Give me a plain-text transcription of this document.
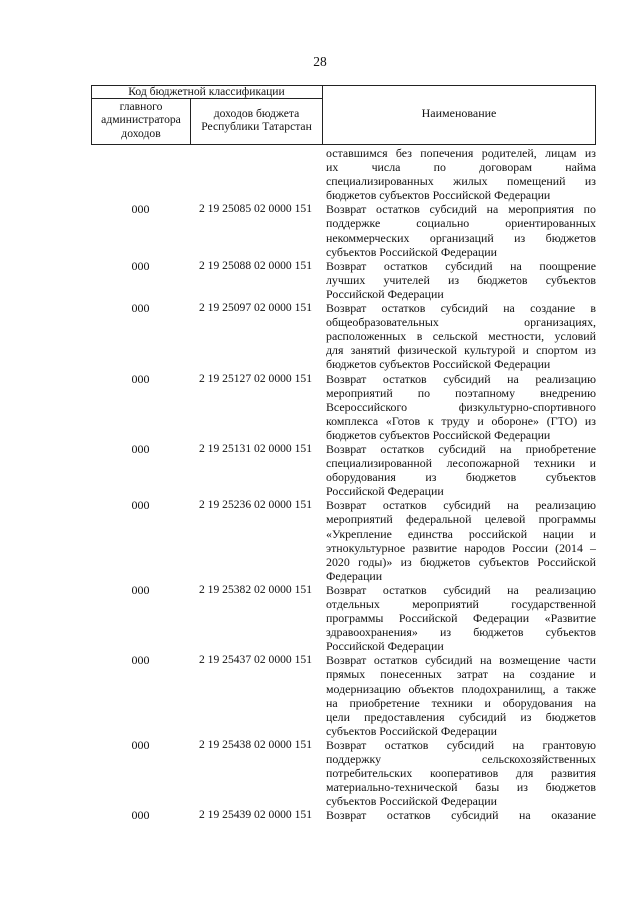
28
Код бюджетной классификации
главного администратора доходов
доходов бюджета Республики Татарстан
Наименование
оставшимся без попечения родителей, лицам из
их числа по договорам найма
специализированных жилых помещений из
бюджетов субъектов Российской Федерации
000	2 19 25085 02 0000 151	Возврат остатков субсидий на мероприятия по
поддержке социально ориентированных
некоммерческих организаций из бюджетов
субъектов Российской Федерации
000	2 19 25088 02 0000 151	Возврат остатков субсидий на поощрение
лучших учителей из бюджетов субъектов
Российской Федерации
000	2 19 25097 02 0000 151	Возврат остатков субсидий на создание в
общеобразовательных организациях,
расположенных в сельской местности, условий
для занятий физической культурой и спортом из
бюджетов субъектов Российской Федерации
000	2 19 25127 02 0000 151	Возврат остатков субсидий на реализацию
мероприятий по поэтапному внедрению
Всероссийского физкультурно-спортивного
комплекса «Готов к труду и обороне» (ГТО) из
бюджетов субъектов Российской Федерации
000	2 19 25131 02 0000 151	Возврат остатков субсидий на приобретение
специализированной лесопожарной техники и
оборудования из бюджетов субъектов
Российской Федерации
000	2 19 25236 02 0000 151	Возврат остатков субсидий на реализацию
мероприятий федеральной целевой программы
«Укрепление единства российской нации и
этнокультурное развитие народов России (2014 –
2020 годы)» из бюджетов субъектов Российской
Федерации
000	2 19 25382 02 0000 151	Возврат остатков субсидий на реализацию
отдельных мероприятий государственной
программы Российской Федерации «Развитие
здравоохранения» из бюджетов субъектов
Российской Федерации
000	2 19 25437 02 0000 151	Возврат остатков субсидий на возмещение части
прямых понесенных затрат на создание и
модернизацию объектов плодохранилищ, а также
на приобретение техники и оборудования на
цели предоставления субсидий из бюджетов
субъектов Российской Федерации
000	2 19 25438 02 0000 151	Возврат остатков субсидий на грантовую
поддержку сельскохозяйственных
потребительских кооперативов для развития
материально-технической базы из бюджетов
субъектов Российской Федерации
000	2 19 25439 02 0000 151	Возврат остатков субсидий на оказание
